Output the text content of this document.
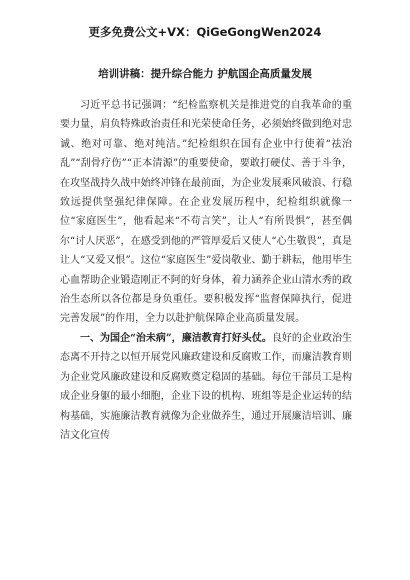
更多免费公文+VX：QiGeGongWen2024
培训讲稿：提升综合能力 护航国企高质量发展

习近平总书记强调：“纪检监察机关是推进党的自我革命的重要力量，肩负特殊政治责任和光荣使命任务，必须始终做到绝对忠诚、绝对可靠、绝对纯洁。”纪检组织在国有企业中行使着“祛治乱”“刮骨疗伤”“正本清源”的重要使命，要敢打硬仗、善于斗争，在攻坚战持久战中始终冲锋在最前面，为企业发展乘风破浪、行稳致远提供坚强纪律保障。在企业发展历程中，纪检组织就像一位“家庭医生”，他看起来“不苟言笑”，让人“有所畏惧”，甚至偶尔“讨人厌恶”，在感受到他的严管厚爱后又使人“心生敬畏”，真是让人“又爱又恨”。这位“家庭医生”爱岗敬业、勤于耕耘，他用毕生心血帮助企业锻造刚正不阿的好身体，着力涵养企业山清水秀的政治生态所以各位都是身负重任。要积极发挥“监督保障执行，促进完善发展”的作用，全力以赴护航保障企业高质量发展。

一、为国企“治未病”，廉洁教育打好头仗。良好的企业政治生态离不开持之以恒开展党风廉政建设和反腐败工作，而廉洁教育则为企业党风廉政建设和反腐败奠定稳固的基础。每位干部员工是构成企业身躯的最小细胞，企业下设的机构、班组等是企业运转的结构基础，实施廉洁教育就像为企业做养生，通过开展廉洁培训、廉洁文化宣传
